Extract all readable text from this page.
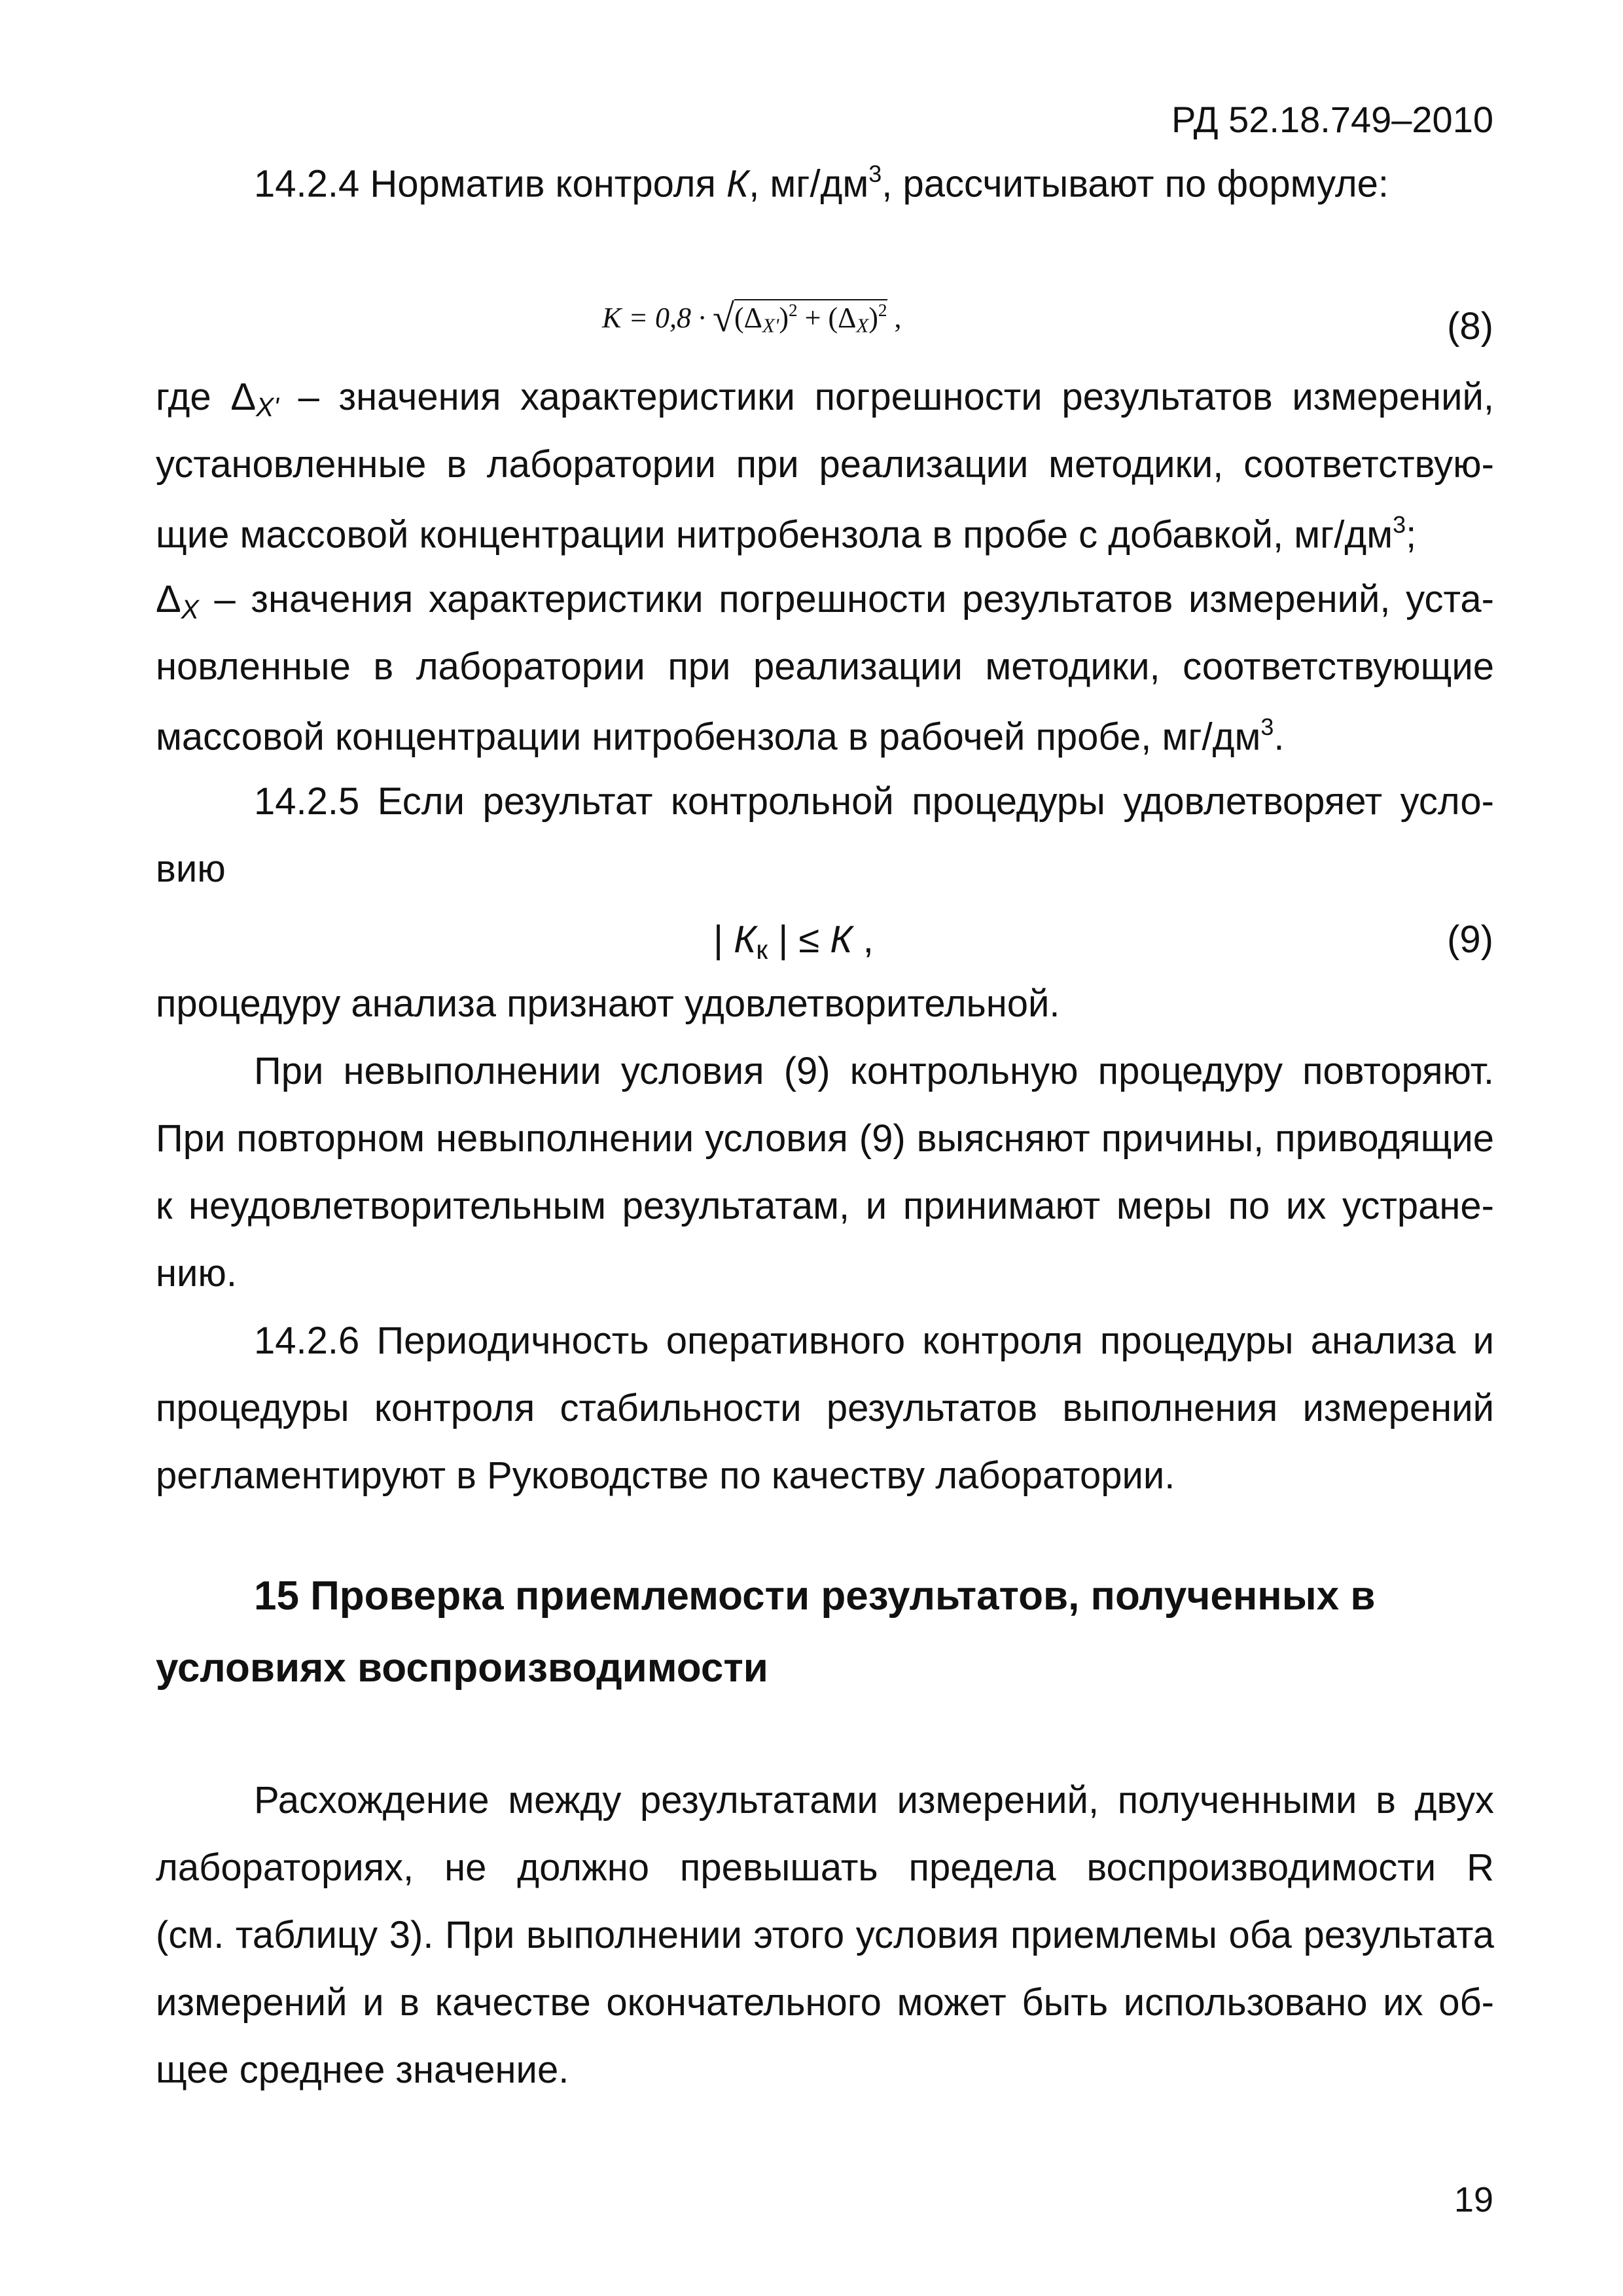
РД 52.18.749–2010
14.2.4 Норматив контроля К, $мг/дм^3$, рассчитывают по формуле:
$K = 0,8 \cdot √(\Delta_{X'})^2 + (\Delta_X)^2$ ,	(8)
где $\Delta_{X'}$ – значения характеристики погрешности результатов измерений,
установленные в лаборатории при реализации методики, соответствую-
щие массовой концентрации нитробензола в пробе с добавкой, $мг/дм^3$;
$\Delta_X$ – значения характеристики погрешности результатов измерений, уста-
новленные в лаборатории при реализации методики, соответствующие
массовой концентрации нитробензола в рабочей пробе, $мг/дм^3$.
14.2.5 Если результат контрольной процедуры удовлетворяет усло-
вию
| $К_к$ | ≤ К ,	(9)
процедуру анализа признают удовлетворительной.
При невыполнении условия (9) контрольную процедуру повторяют.
При повторном невыполнении условия (9) выясняют причины, приводящие
к неудовлетворительным результатам, и принимают меры по их устране-
нию.
14.2.6 Периодичность оперативного контроля процедуры анализа и
процедуры контроля стабильности результатов выполнения измерений
регламентируют в Руководстве по качеству лаборатории.
15 Проверка приемлемости результатов, полученных в
условиях воспроизводимости
Расхождение между результатами измерений, полученными в двух
лабораториях, не должно превышать предела воспроизводимости R
(см. таблицу 3). При выполнении этого условия приемлемы оба результата
измерений и в качестве окончательного может быть использовано их об-
щее среднее значение.
19
